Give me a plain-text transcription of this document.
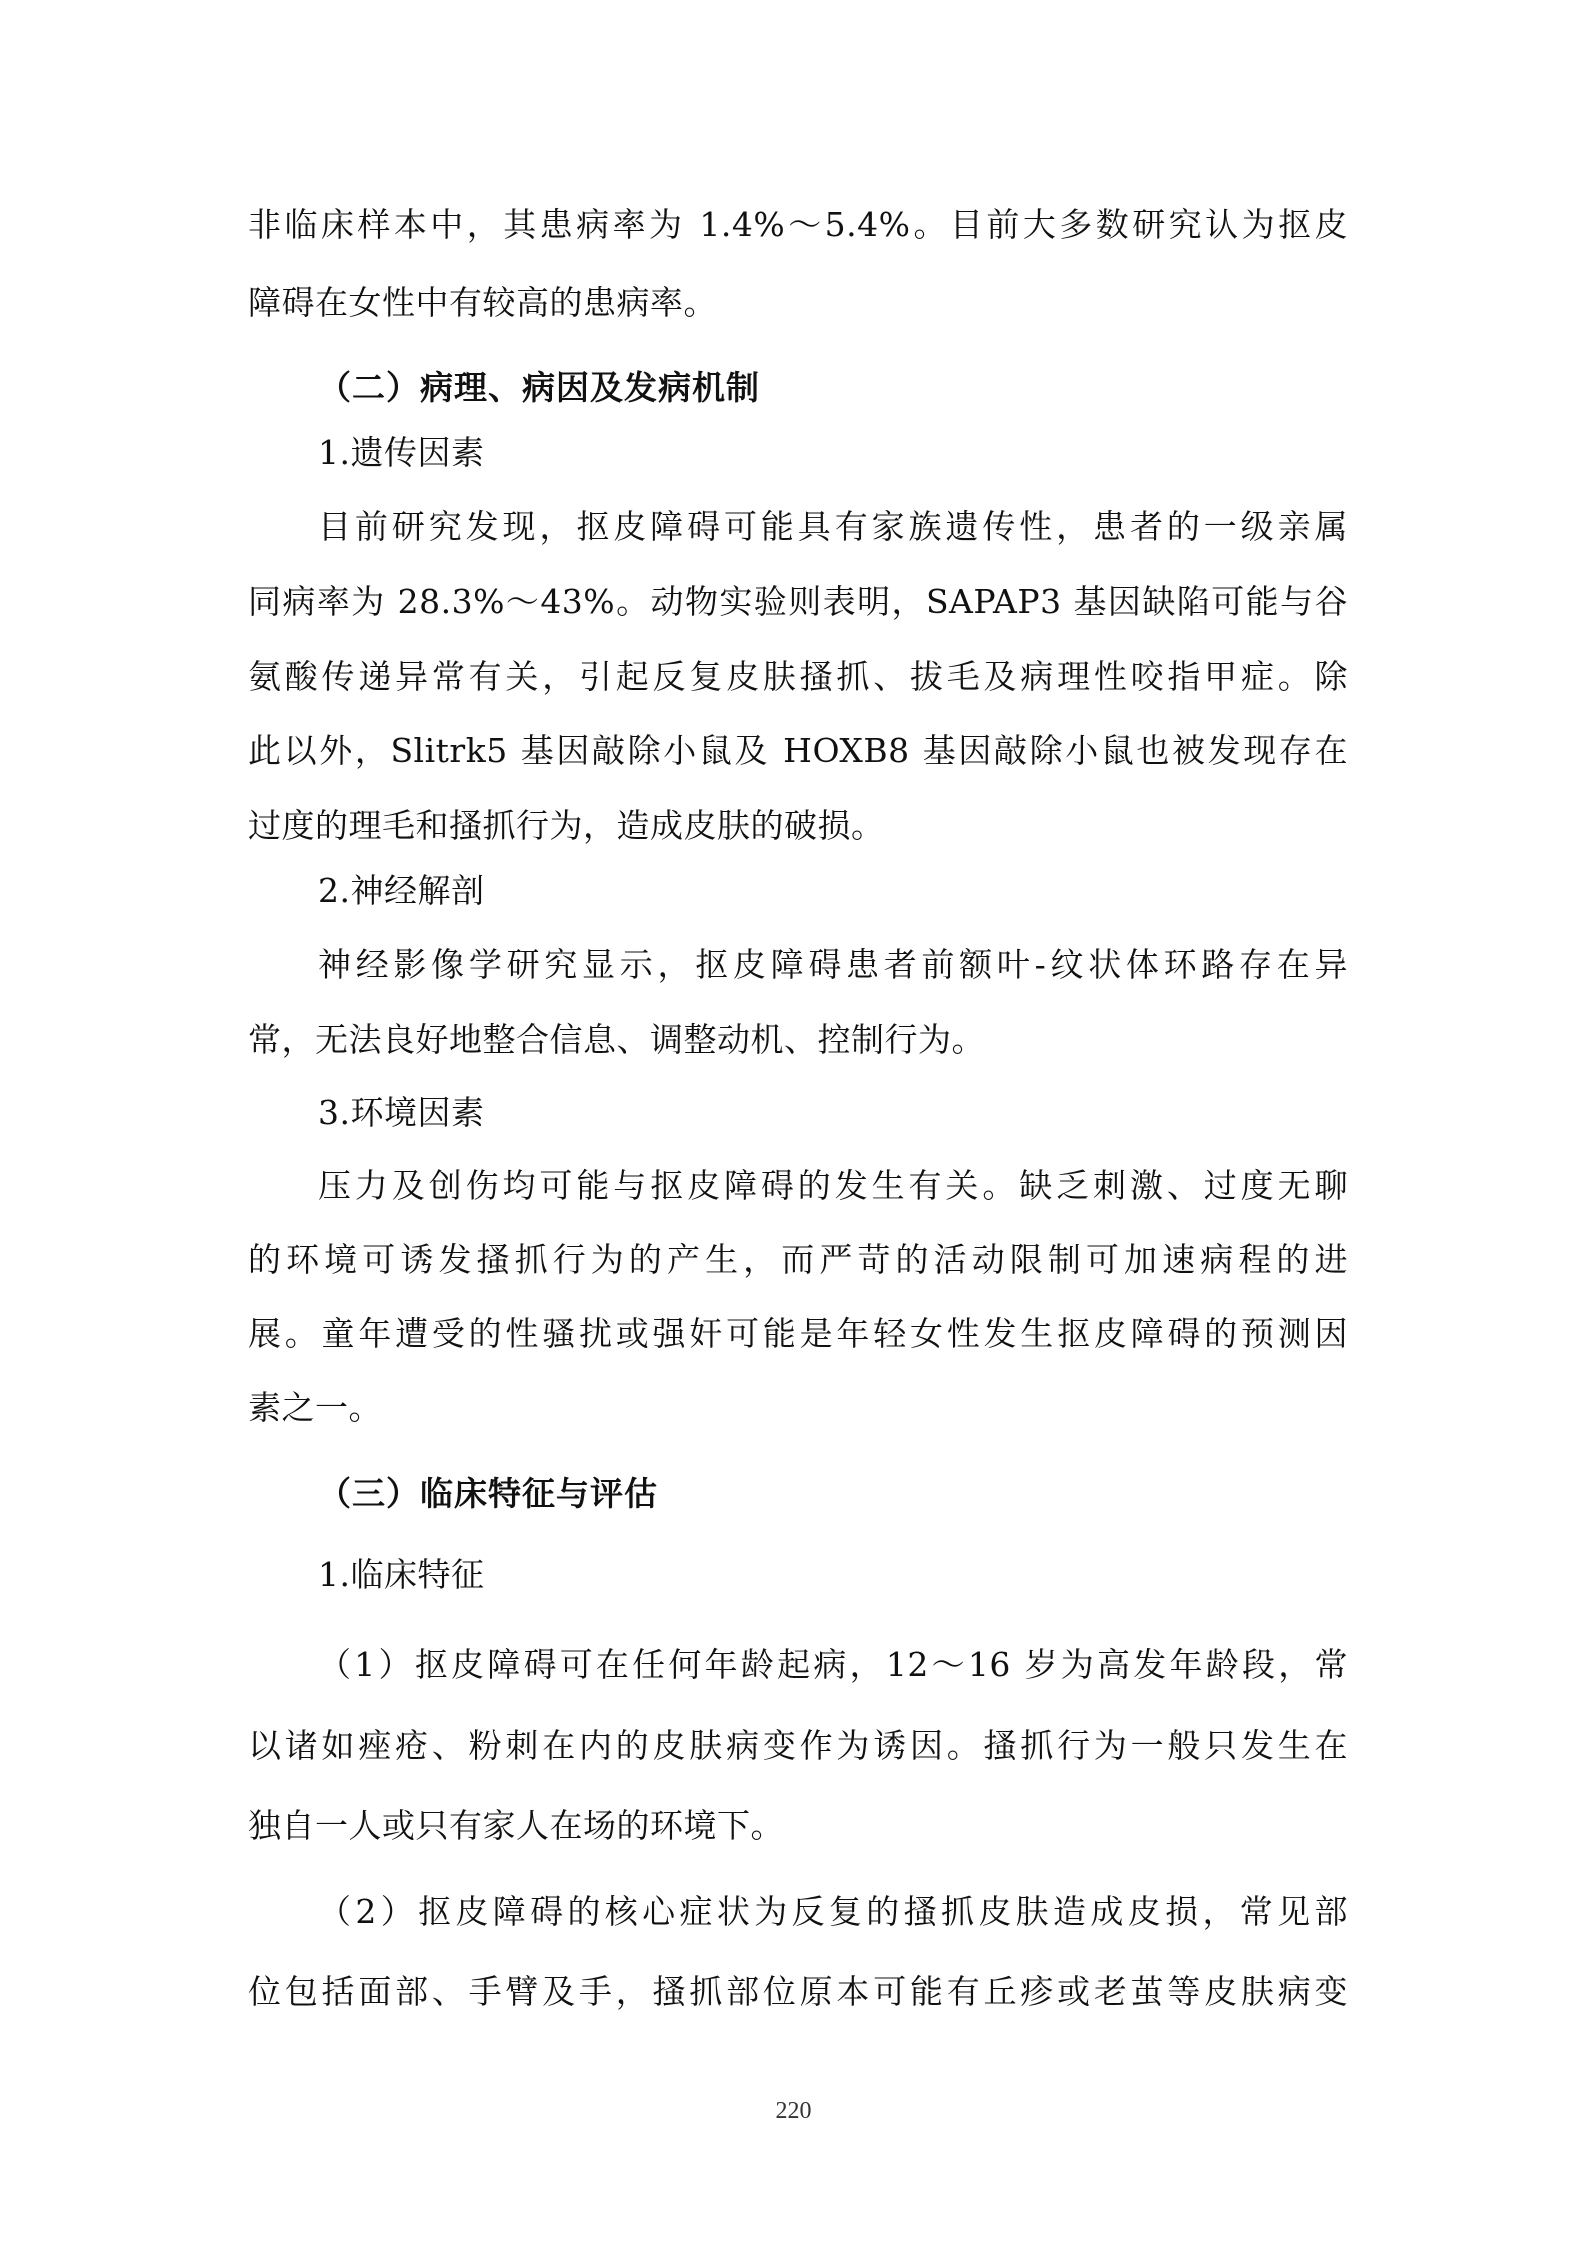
非临床样本中，其患病率为 1.4%～5.4%。目前大多数研究认为抠皮
障碍在女性中有较高的患病率。
（二）病理、病因及发病机制
1.遗传因素
目前研究发现，抠皮障碍可能具有家族遗传性，患者的一级亲属
同病率为 28.3%～43%。动物实验则表明，SAPAP3 基因缺陷可能与谷
氨酸传递异常有关，引起反复皮肤搔抓、拔毛及病理性咬指甲症。除
此以外，Slitrk5 基因敲除小鼠及 HOXB8 基因敲除小鼠也被发现存在
过度的理毛和搔抓行为，造成皮肤的破损。
2.神经解剖
神经影像学研究显示，抠皮障碍患者前额叶-纹状体环路存在异
常，无法良好地整合信息、调整动机、控制行为。
3.环境因素
压力及创伤均可能与抠皮障碍的发生有关。缺乏刺激、过度无聊
的环境可诱发搔抓行为的产生，而严苛的活动限制可加速病程的进
展。童年遭受的性骚扰或强奸可能是年轻女性发生抠皮障碍的预测因
素之一。
（三）临床特征与评估
1.临床特征
（1）抠皮障碍可在任何年龄起病，12～16 岁为高发年龄段，常
以诸如痤疮、粉刺在内的皮肤病变作为诱因。搔抓行为一般只发生在
独自一人或只有家人在场的环境下。
（2）抠皮障碍的核心症状为反复的搔抓皮肤造成皮损，常见部
位包括面部、手臂及手，搔抓部位原本可能有丘疹或老茧等皮肤病变
220
